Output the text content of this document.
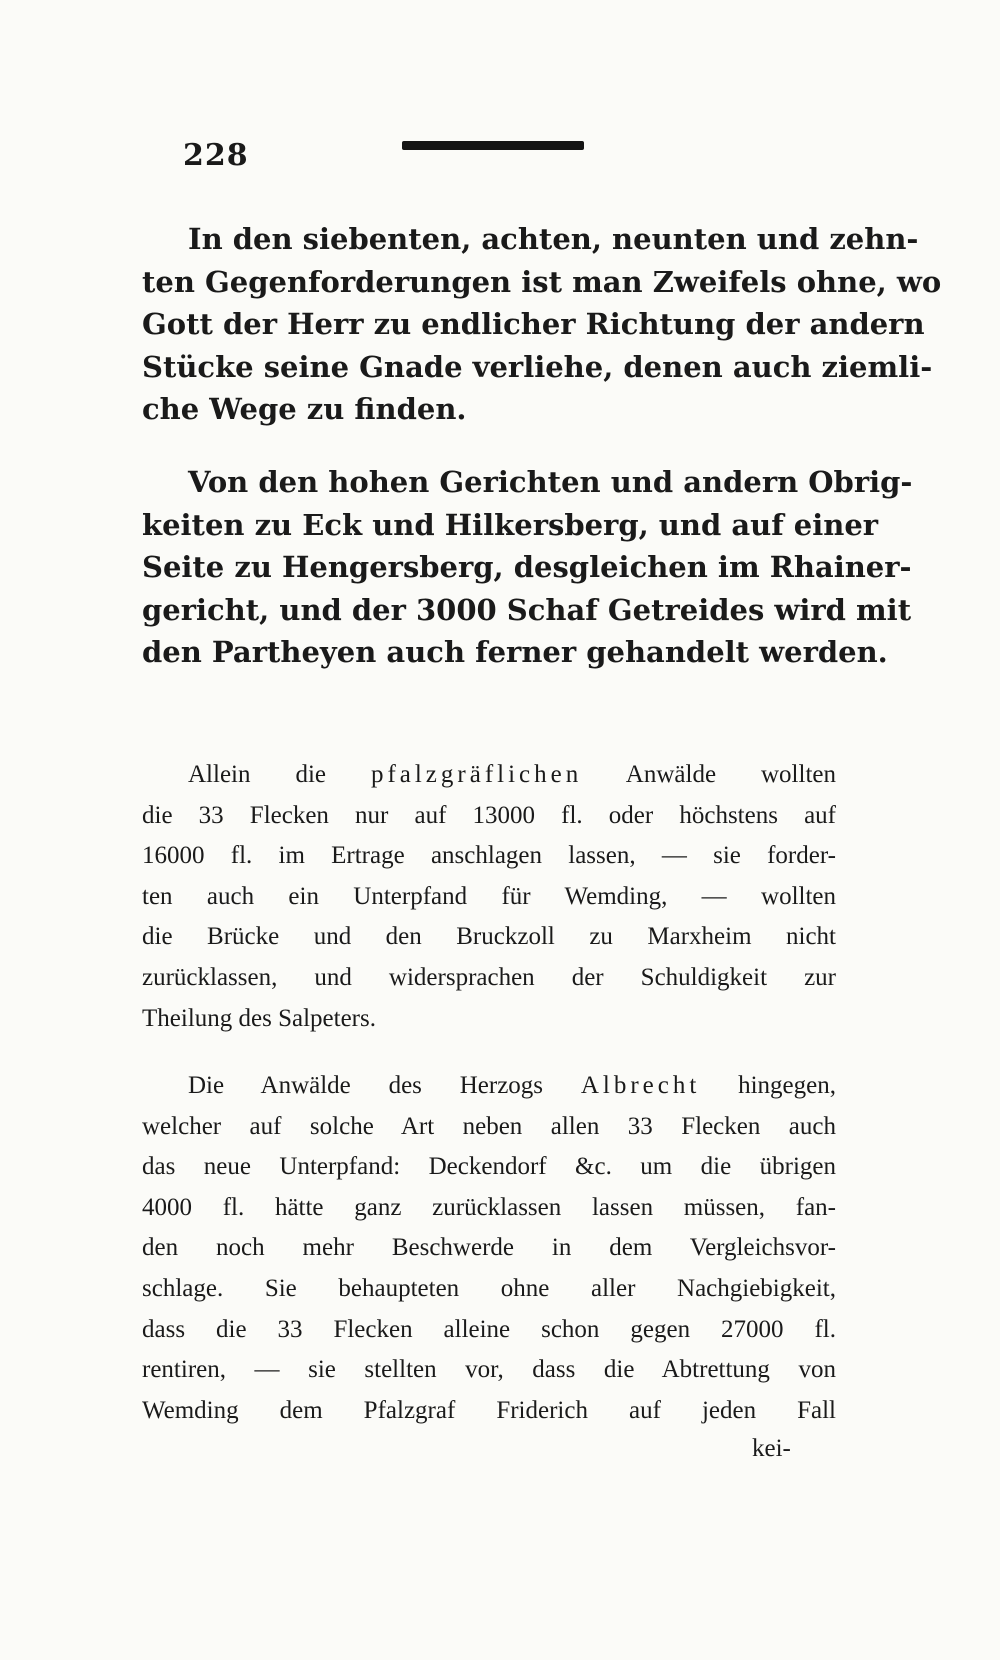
228
In den siebenten, achten, neunten und zehn-
ten Gegenforderungen ist man Zweifels ohne, wo
Gott der Herr zu endlicher Richtung der andern
Stücke seine Gnade verliehe, denen auch ziemli-
che Wege zu finden.
Von den hohen Gerichten und andern Obrig-
keiten zu Eck und Hilkersberg, und auf einer
Seite zu Hengersberg, desgleichen im Rhainer-
gericht, und der 3000 Schaf Getreides wird mit
den Partheyen auch ferner gehandelt werden.
Allein die pfalzgräflichen Anwälde wollten
die 33 Flecken nur auf 13000 fl. oder höchstens auf
16000 fl. im Ertrage anschlagen lassen, — sie forder-
ten auch ein Unterpfand für Wemding, — wollten
die Brücke und den Bruckzoll zu Marxheim nicht
zurücklassen, und widersprachen der Schuldigkeit zur
Theilung des Salpeters.
Die Anwälde des Herzogs Albrecht hingegen,
welcher auf solche Art neben allen 33 Flecken auch
das neue Unterpfand: Deckendorf &c. um die übrigen
4000 fl. hätte ganz zurücklassen lassen müssen, fan-
den noch mehr Beschwerde in dem Vergleichsvor-
schlage. Sie behaupteten ohne aller Nachgiebigkeit,
dass die 33 Flecken alleine schon gegen 27000 fl.
rentiren, — sie stellten vor, dass die Abtrettung von
Wemding dem Pfalzgraf Friderich auf jeden Fall
kei-
